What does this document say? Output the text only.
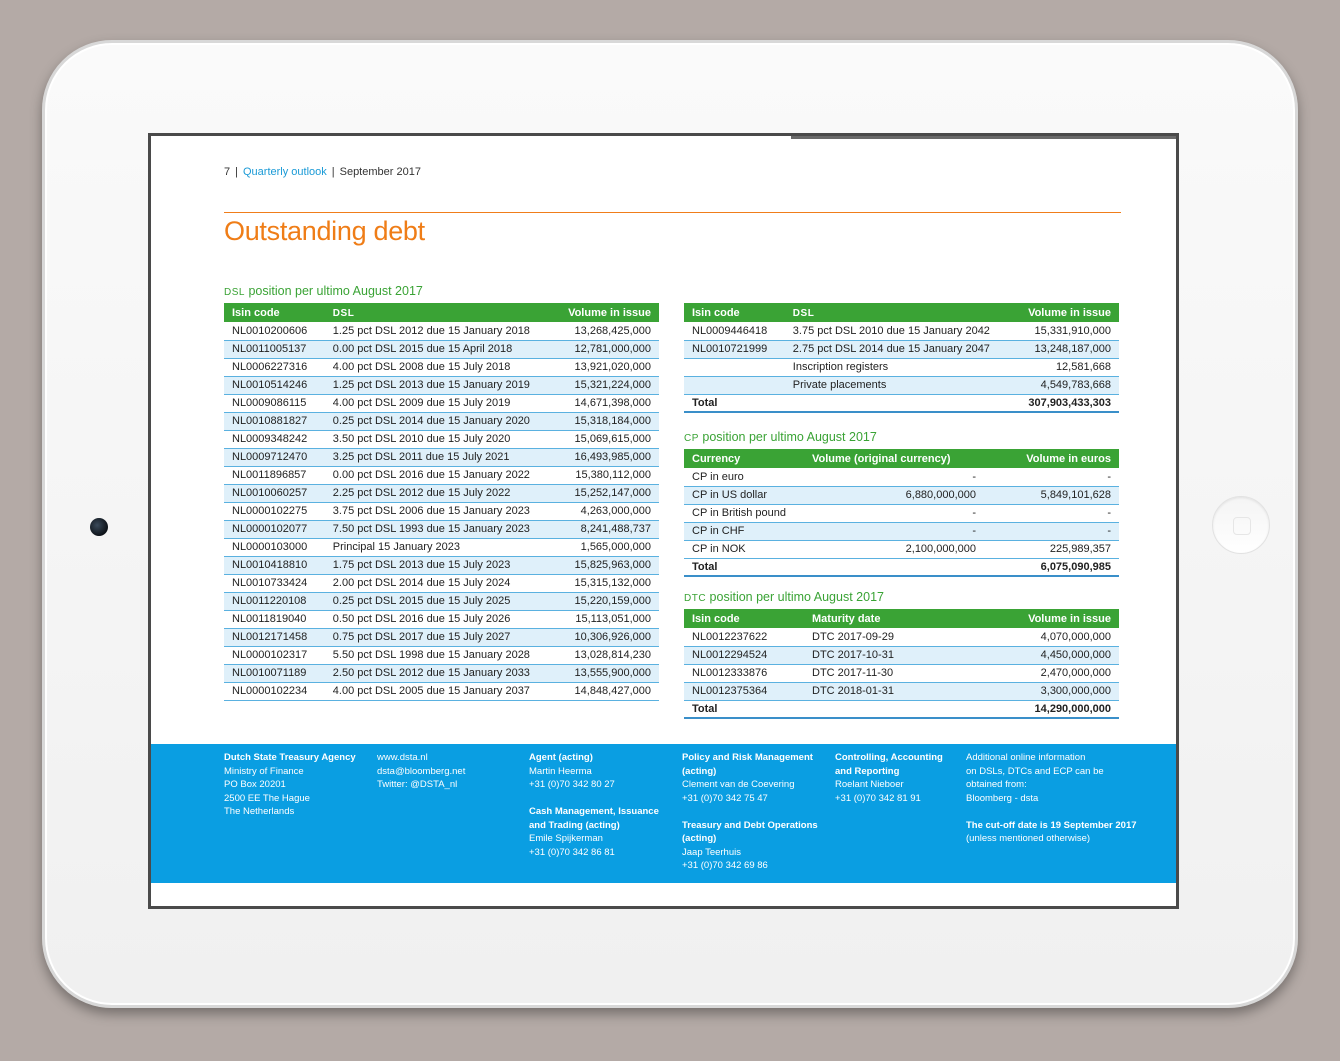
7 | Quarterly outlook | September 2017
Outstanding debt
DSL position per ultimo August 2017
Isin code	DSL	Volume in issue
NL0010200606	1.25 pct DSL 2012 due 15 January 2018	13,268,425,000
NL0011005137	0.00 pct DSL 2015 due 15 April 2018	12,781,000,000
NL0006227316	4.00 pct DSL 2008 due 15 July 2018	13,921,020,000
NL0010514246	1.25 pct DSL 2013 due 15 January 2019	15,321,224,000
NL0009086115	4.00 pct DSL 2009 due 15 July 2019	14,671,398,000
NL0010881827	0.25 pct DSL 2014 due 15 January 2020	15,318,184,000
NL0009348242	3.50 pct DSL 2010 due 15 July 2020	15,069,615,000
NL0009712470	3.25 pct DSL 2011 due 15 July 2021	16,493,985,000
NL0011896857	0.00 pct DSL 2016 due 15 January 2022	15,380,112,000
NL0010060257	2.25 pct DSL 2012 due 15 July 2022	15,252,147,000
NL0000102275	3.75 pct DSL 2006 due 15 January 2023	4,263,000,000
NL0000102077	7.50 pct DSL 1993 due 15 January 2023	8,241,488,737
NL0000103000	Principal 15 January 2023	1,565,000,000
NL0010418810	1.75 pct DSL 2013 due 15 July 2023	15,825,963,000
NL0010733424	2.00 pct DSL 2014 due 15 July 2024	15,315,132,000
NL0011220108	0.25 pct DSL 2015 due 15 July 2025	15,220,159,000
NL0011819040	0.50 pct DSL 2016 due 15 July 2026	15,113,051,000
NL0012171458	0.75 pct DSL 2017 due 15 July 2027	10,306,926,000
NL0000102317	5.50 pct DSL 1998 due 15 January 2028	13,028,814,230
NL0010071189	2.50 pct DSL 2012 due 15 January 2033	13,555,900,000
NL0000102234	4.00 pct DSL 2005 due 15 January 2037	14,848,427,000
Isin code	DSL	Volume in issue
NL0009446418	3.75 pct DSL 2010 due 15 January 2042	15,331,910,000
NL0010721999	2.75 pct DSL 2014 due 15 January 2047	13,248,187,000
	Inscription registers	12,581,668
	Private placements	4,549,783,668
Total		307,903,433,303
CP position per ultimo August 2017
Currency	Volume (original currency)	Volume in euros
CP in euro	-	-
CP in US dollar	6,880,000,000	5,849,101,628
CP in British pound	-	-
CP in CHF	-	-
CP in NOK	2,100,000,000	225,989,357
Total		6,075,090,985
DTC position per ultimo August 2017
Isin code	Maturity date	Volume in issue
NL0012237622	DTC 2017-09-29	4,070,000,000
NL0012294524	DTC 2017-10-31	4,450,000,000
NL0012333876	DTC 2017-11-30	2,470,000,000
NL0012375364	DTC 2018-01-31	3,300,000,000
Total		14,290,000,000
Dutch State Treasury Agency
Ministry of Finance
PO Box 20201
2500 EE The Hague
The Netherlands
www.dsta.nl
dsta@bloomberg.net
Twitter: @DSTA_nl
Agent (acting)
Martin Heerma
+31 (0)70 342 80 27
Cash Management, Issuance
and Trading (acting)
Emile Spijkerman
+31 (0)70 342 86 81
Policy and Risk Management
(acting)
Clement van de Coevering
+31 (0)70 342 75 47
Treasury and Debt Operations
(acting)
Jaap Teerhuis
+31 (0)70 342 69 86
Controlling, Accounting
and Reporting
Roelant Nieboer
+31 (0)70 342 81 91
Additional online information
on DSLs, DTCs and ECP can be
obtained from:
Bloomberg - dsta
The cut-off date is 19 September 2017
(unless mentioned otherwise)
